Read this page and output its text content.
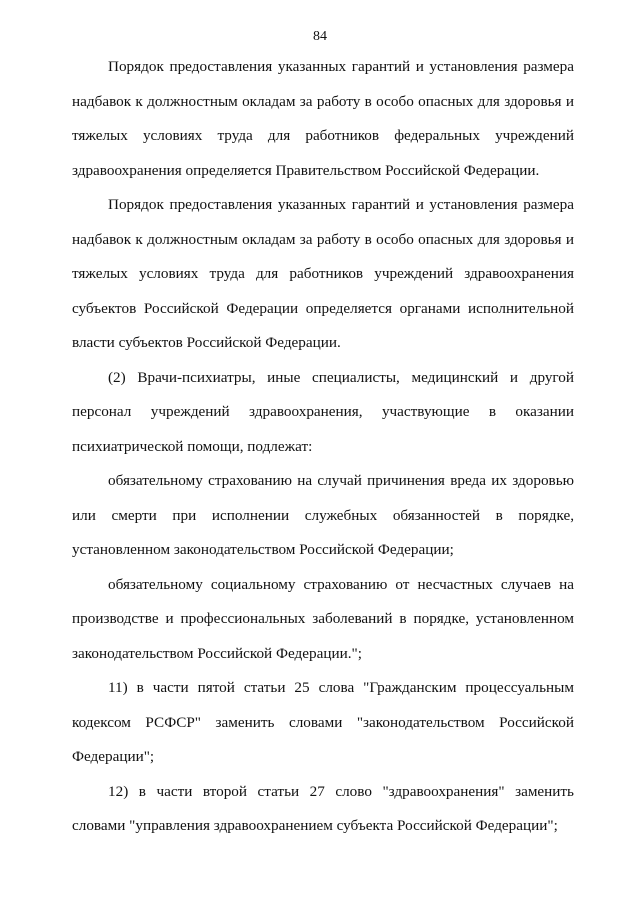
84

Порядок предоставления указанных гарантий и установления размера надбавок к должностным окладам за работу в особо опасных для здоровья и тяжелых условиях труда для работников федеральных учреждений здравоохранения определяется Правительством Российской Федерации.

Порядок предоставления указанных гарантий и установления размера надбавок к должностным окладам за работу в особо опасных для здоровья и тяжелых условиях труда для работников учреждений здравоохранения субъектов Российской Федерации определяется органами исполнительной власти субъектов Российской Федерации.

(2) Врачи-психиатры, иные специалисты, медицинский и другой персонал учреждений здравоохранения, участвующие в оказании психиатрической помощи, подлежат:

обязательному страхованию на случай причинения вреда их здоровью или смерти при исполнении служебных обязанностей в порядке, установленном законодательством Российской Федерации;

обязательному социальному страхованию от несчастных случаев на производстве и профессиональных заболеваний в порядке, установленном законодательством Российской Федерации.";

11) в части пятой статьи 25 слова "Гражданским процессуальным кодексом РСФСР" заменить словами "законодательством Российской Федерации";

12) в части второй статьи 27 слово "здравоохранения" заменить словами "управления здравоохранением субъекта Российской Федерации";
